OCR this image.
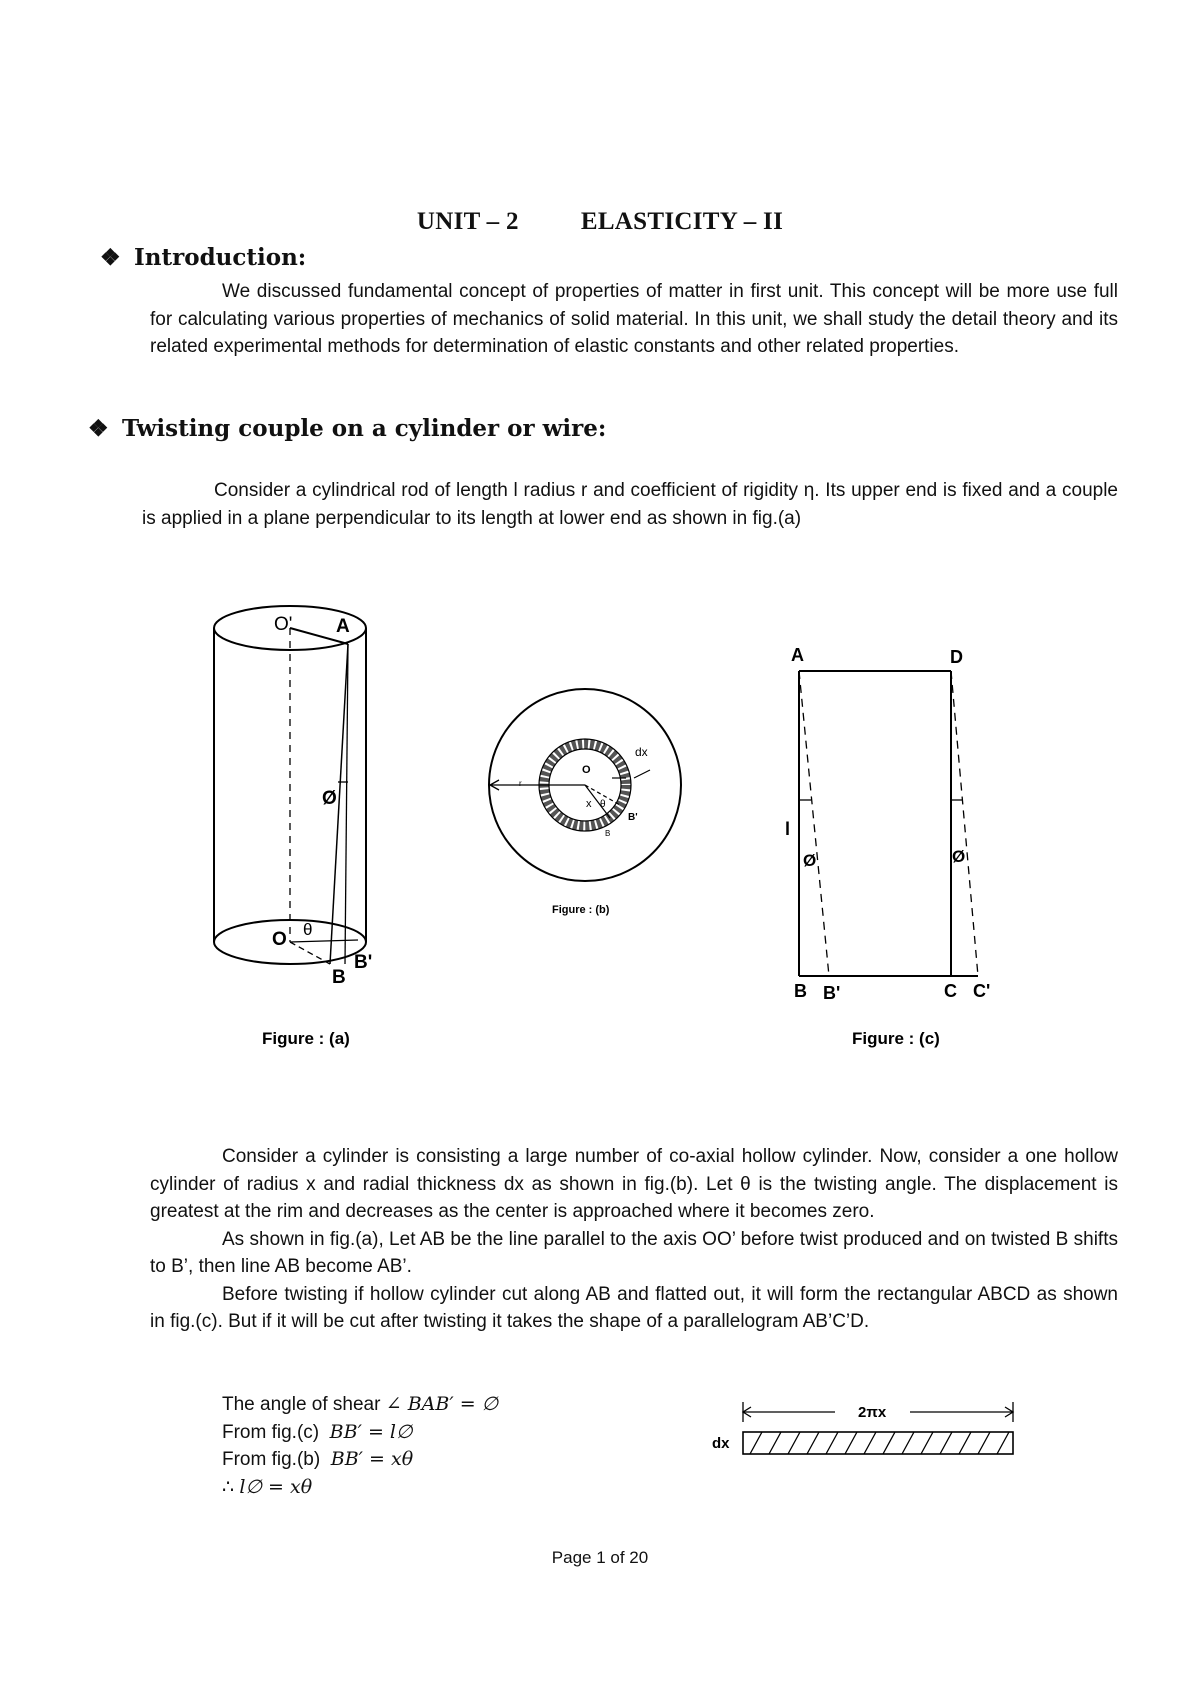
UNIT – 2 ELASTICITY – II
❖ Introduction:

We discussed fundamental concept of properties of matter in first unit. This concept will be more use full for calculating various properties of mechanics of solid material. In this unit, we shall study the detail theory and its related experimental methods for determination of elastic constants and other related properties.

❖ Twisting couple on a cylinder or wire:

Consider a cylindrical rod of length l radius r and coefficient of rigidity η. Its upper end is fixed and a couple is applied in a plane perpendicular to its length at lower end as shown in fig.(a)

O' A
Ø
O θ
B
B'
Figure : (a)
dx
O
x θ
B'
B
r
Figure : (b)
A	D
l
Ø	Ø
B B'	C C'
Figure : (c)

Consider a cylinder is consisting a large number of co-axial hollow cylinder. Now, consider a one hollow cylinder of radius x and radial thickness dx as shown in fig.(b). Let θ is the twisting angle. The displacement is greatest at the rim and decreases as the center is approached where it becomes zero.

As shown in fig.(a), Let AB be the line parallel to the axis OO’ before twist produced and on twisted B shifts to B’, then line AB become AB’.

Before twisting if hollow cylinder cut along AB and flatted out, it will form the rectangular ABCD as shown in fig.(c). But if it will be cut after twisting it takes the shape of a parallelogram AB’C’D.

The angle of shear ∠ BAB′ = ∅
From fig.(c) BB′ = l∅
From fig.(b) BB′ = xθ
∴ l∅ = xθ
2πx
dx
Page 1 of 20
